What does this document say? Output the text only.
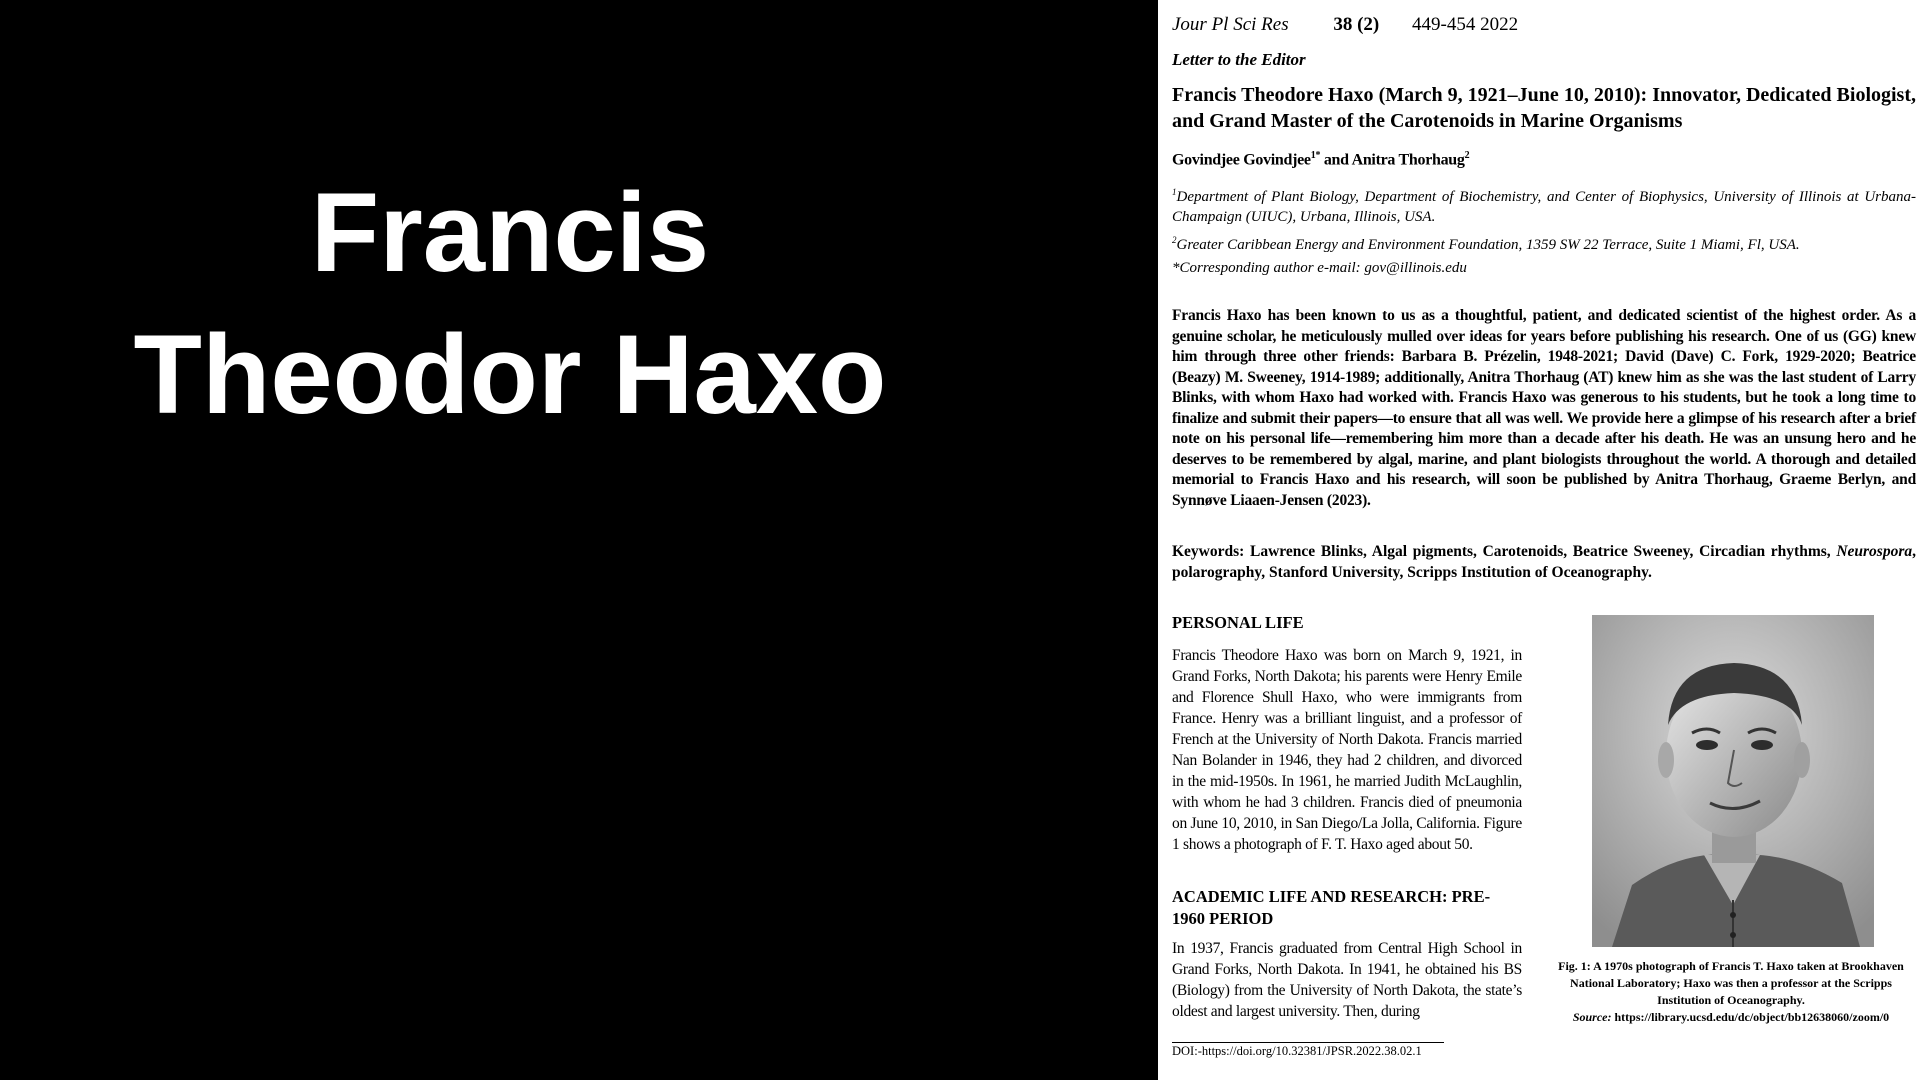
Francis
Theodor Haxo
Jour Pl Sci Res 38 (2) 449-454 2022
Letter to the Editor
Francis Theodore Haxo (March 9, 1921–June 10, 2010): Innovator, Dedicated Biologist, and Grand Master of the Carotenoids in Marine Organisms
Govindjee Govindjee$^{1*}$ and Anitra Thorhaug$^2$
$^1$Department of Plant Biology, Department of Biochemistry, and Center of Biophysics, University of Illinois at Urbana-Champaign (UIUC), Urbana, Illinois, USA.
$^2$Greater Caribbean Energy and Environment Foundation, 1359 SW 22 Terrace, Suite 1 Miami, Fl, USA.
*Corresponding author e-mail: gov@illinois.edu
Francis Haxo has been known to us as a thoughtful, patient, and dedicated scientist of the highest order. As a genuine scholar, he meticulously mulled over ideas for years before publishing his research. One of us (GG) knew him through three other friends: Barbara B. Prézelin, 1948-2021; David (Dave) C. Fork, 1929-2020; Beatrice (Beazy) M. Sweeney, 1914-1989; additionally, Anitra Thorhaug (AT) knew him as she was the last student of Larry Blinks, with whom Haxo had worked with. Francis Haxo was generous to his students, but he took a long time to finalize and submit their papers—to ensure that all was well. We provide here a glimpse of his research after a brief note on his personal life—remembering him more than a decade after his death. He was an unsung hero and he deserves to be remembered by algal, marine, and plant biologists throughout the world. A thorough and detailed memorial to Francis Haxo and his research, will soon be published by Anitra Thorhaug, Graeme Berlyn, and Synnøve Liaaen-Jensen (2023).
Keywords: Lawrence Blinks, Algal pigments, Carotenoids, Beatrice Sweeney, Circadian rhythms, Neurospora, polarography, Stanford University, Scripps Institution of Oceanography.
PERSONAL LIFE
Francis Theodore Haxo was born on March 9, 1921, in Grand Forks, North Dakota; his parents were Henry Emile and Florence Shull Haxo, who were immigrants from France. Henry was a brilliant linguist, and a professor of French at the University of North Dakota. Francis married Nan Bolander in 1946, they had 2 children, and divorced in the mid-1950s. In 1961, he married Judith McLaughlin, with whom he had 3 children. Francis died of pneumonia on June 10, 2010, in San Diego/La Jolla, California. Figure 1 shows a photograph of F. T. Haxo aged about 50.
ACADEMIC LIFE AND RESEARCH: PRE-1960 PERIOD
In 1937, Francis graduated from Central High School in Grand Forks, North Dakota. In 1941, he obtained his BS (Biology) from the University of North Dakota, the state’s oldest and largest university. Then, during
Fig. 1: A 1970s photograph of Francis T. Haxo taken at Brookhaven National Laboratory; Haxo was then a professor at the Scripps Institution of Oceanography.
Source: https://library.ucsd.edu/dc/object/bb12638060/zoom/0
DOI:-https://doi.org/10.32381/JPSR.2022.38.02.1
